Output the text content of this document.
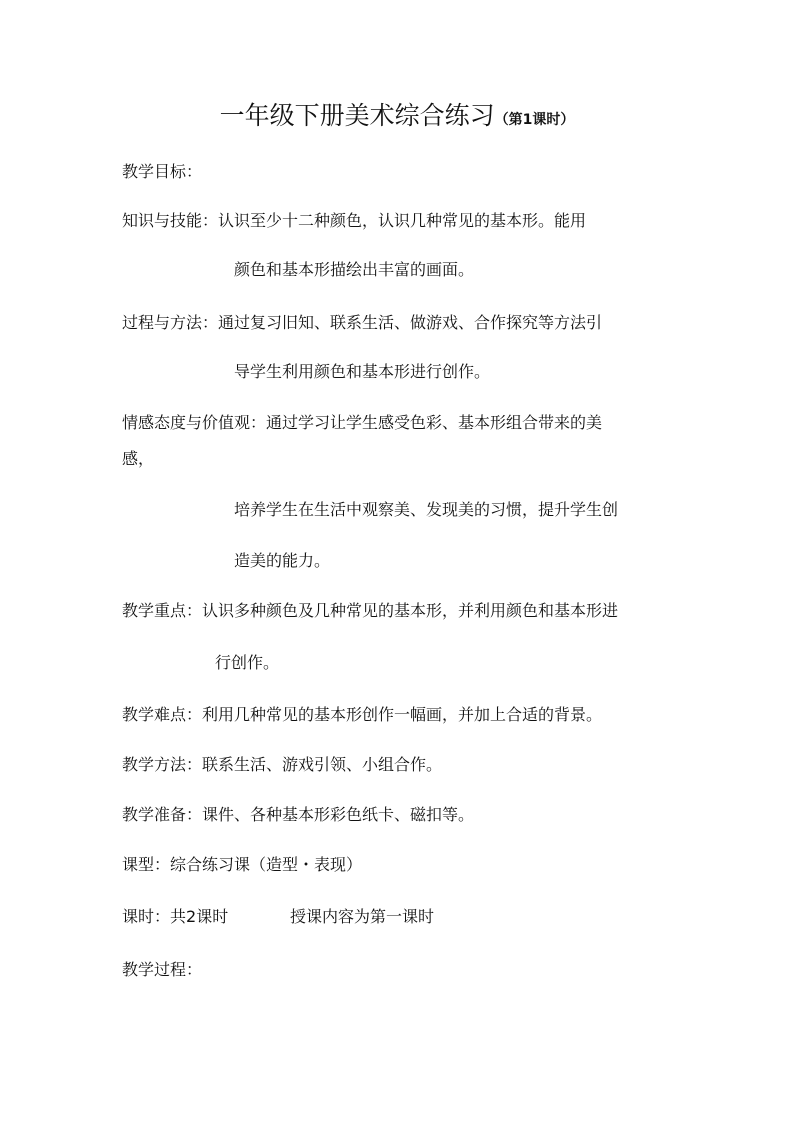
一年级下册美术综合练习（第1课时）
教学目标：
知识与技能：认识至少十二种颜色，认识几种常见的基本形。能用
颜色和基本形描绘出丰富的画面。
过程与方法：通过复习旧知、联系生活、做游戏、合作探究等方法引
导学生利用颜色和基本形进行创作。
情感态度与价值观：通过学习让学生感受色彩、基本形组合带来的美
感，
培养学生在生活中观察美、发现美的习惯，提升学生创
造美的能力。
教学重点：认识多种颜色及几种常见的基本形，并利用颜色和基本形进
行创作。
教学难点：利用几种常见的基本形创作一幅画，并加上合适的背景。
教学方法：联系生活、游戏引领、小组合作。
教学准备：课件、各种基本形彩色纸卡、磁扣等。
课型：综合练习课（造型・表现）
课时：共2课时	授课内容为第一课时
教学过程：
